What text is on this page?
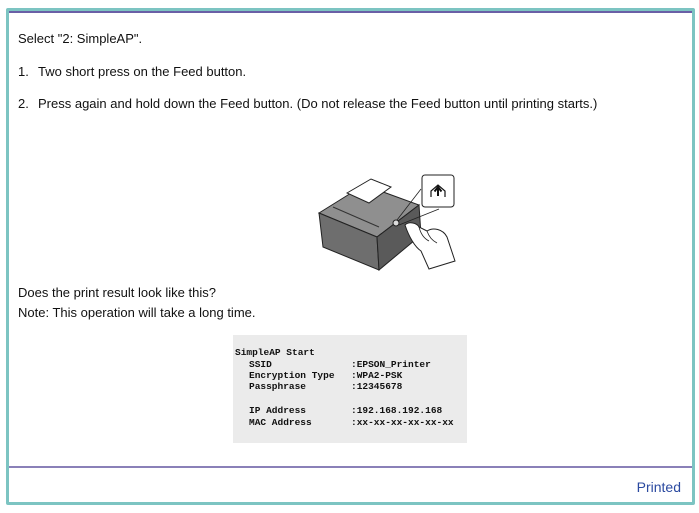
Select "2: SimpleAP".
1. Two short press on the Feed button.
2. Press again and hold down the Feed button. (Do not release the Feed button until printing starts.)
Does the print result look like this?
Note: This operation will take a long time.
SimpleAP Start
SSID	:EPSON_Printer
Encryption Type :WPA2-PSK
Passphrase	:12345678
IP Address	:192.168.192.168
MAC Address	:xx-xx-xx-xx-xx-xx
Printed
